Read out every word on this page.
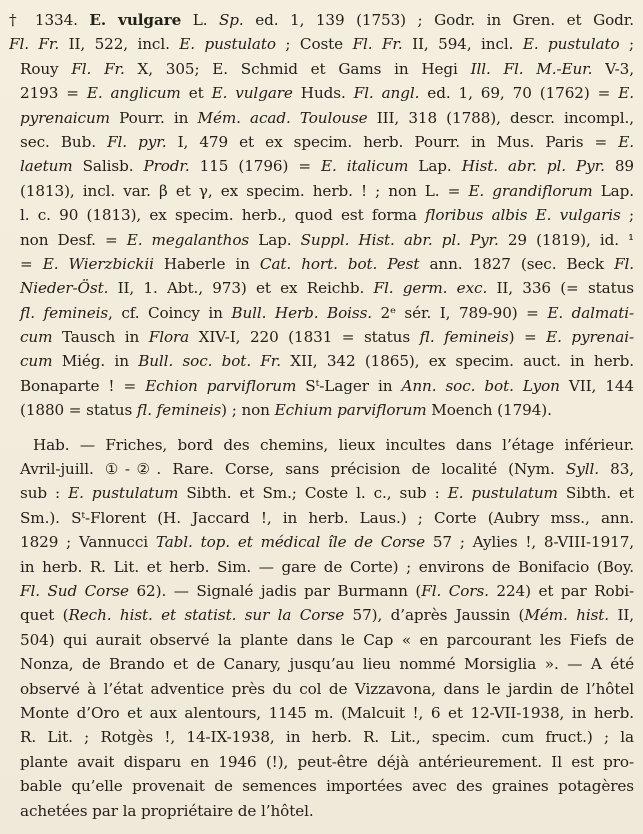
† 1334. E. vulgare L. Sp. ed. 1, 139 (1753) ; Godr. in Gren. et Godr.
Fl. Fr. II, 522, incl. E. pustulato ; Coste Fl. Fr. II, 594, incl. E. pustulato ;
Rouy Fl. Fr. X, 305; E. Schmid et Gams in Hegi Ill. Fl. M.-Eur. V-3,
2193 = E. anglicum et E. vulgare Huds. Fl. angl. ed. 1, 69, 70 (1762) = E.
pyrenaicum Pourr. in Mém. acad. Toulouse III, 318 (1788), descr. incompl.,
sec. Bub. Fl. pyr. I, 479 et ex specim. herb. Pourr. in Mus. Paris = E.
laetum Salisb. Prodr. 115 (1796) = E. italicum Lap. Hist. abr. pl. Pyr. 89
(1813), incl. var. β et γ, ex specim. herb. ! ; non L. = E. grandiflorum Lap.
l. c. 90 (1813), ex specim. herb., quod est forma floribus albis E. vulgaris ;
non Desf. = E. megalanthos Lap. Suppl. Hist. abr. pl. Pyr. 29 (1819), id. ¹
= E. Wierzbickii Haberle in Cat. hort. bot. Pest ann. 1827 (sec. Beck Fl.
Nieder-Öst. II, 1. Abt., 973) et ex Reichb. Fl. germ. exc. II, 336 (= status
fl. femineis, cf. Coincy in Bull. Herb. Boiss. 2ᵉ sér. I, 789-90) = E. dalmati-
cum Tausch in Flora XIV-I, 220 (1831 = status fl. femineis) = E. pyrenai-
cum Miég. in Bull. soc. bot. Fr. XII, 342 (1865), ex specim. auct. in herb.
Bonaparte ! = Echion parviflorum Sᵗ-Lager in Ann. soc. bot. Lyon VII, 144
(1880 = status fl. femineis) ; non Echium parviflorum Moench (1794).
Hab. — Friches, bord des chemins, lieux incultes dans l’étage inférieur.
Avril-juill. ①-②. Rare. Corse, sans précision de localité (Nym. Syll. 83,
sub : E. pustulatum Sibth. et Sm.; Coste l. c., sub : E. pustulatum Sibth. et
Sm.). Sᵗ-Florent (H. Jaccard !, in herb. Laus.) ; Corte (Aubry mss., ann.
1829 ; Vannucci Tabl. top. et médical île de Corse 57 ; Aylies !, 8-VIII-1917,
in herb. R. Lit. et herb. Sim. — gare de Corte) ; environs de Bonifacio (Boy.
Fl. Sud Corse 62). — Signalé jadis par Burmann (Fl. Cors. 224) et par Robi-
quet (Rech. hist. et statist. sur la Corse 57), d’après Jaussin (Mém. hist. II,
504) qui aurait observé la plante dans le Cap « en parcourant les Fiefs de
Nonza, de Brando et de Canary, jusqu’au lieu nommé Morsiglia ». — A été
observé à l’état adventice près du col de Vizzavona, dans le jardin de l’hôtel
Monte d’Oro et aux alentours, 1145 m. (Malcuit !, 6 et 12-VII-1938, in herb.
R. Lit. ; Rotgès !, 14-IX-1938, in herb. R. Lit., specim. cum fruct.) ; la
plante avait disparu en 1946 (!), peut-être déjà antérieurement. Il est pro-
bable qu’elle provenait de semences importées avec des graines potagères
achetées par la propriétaire de l’hôtel.
